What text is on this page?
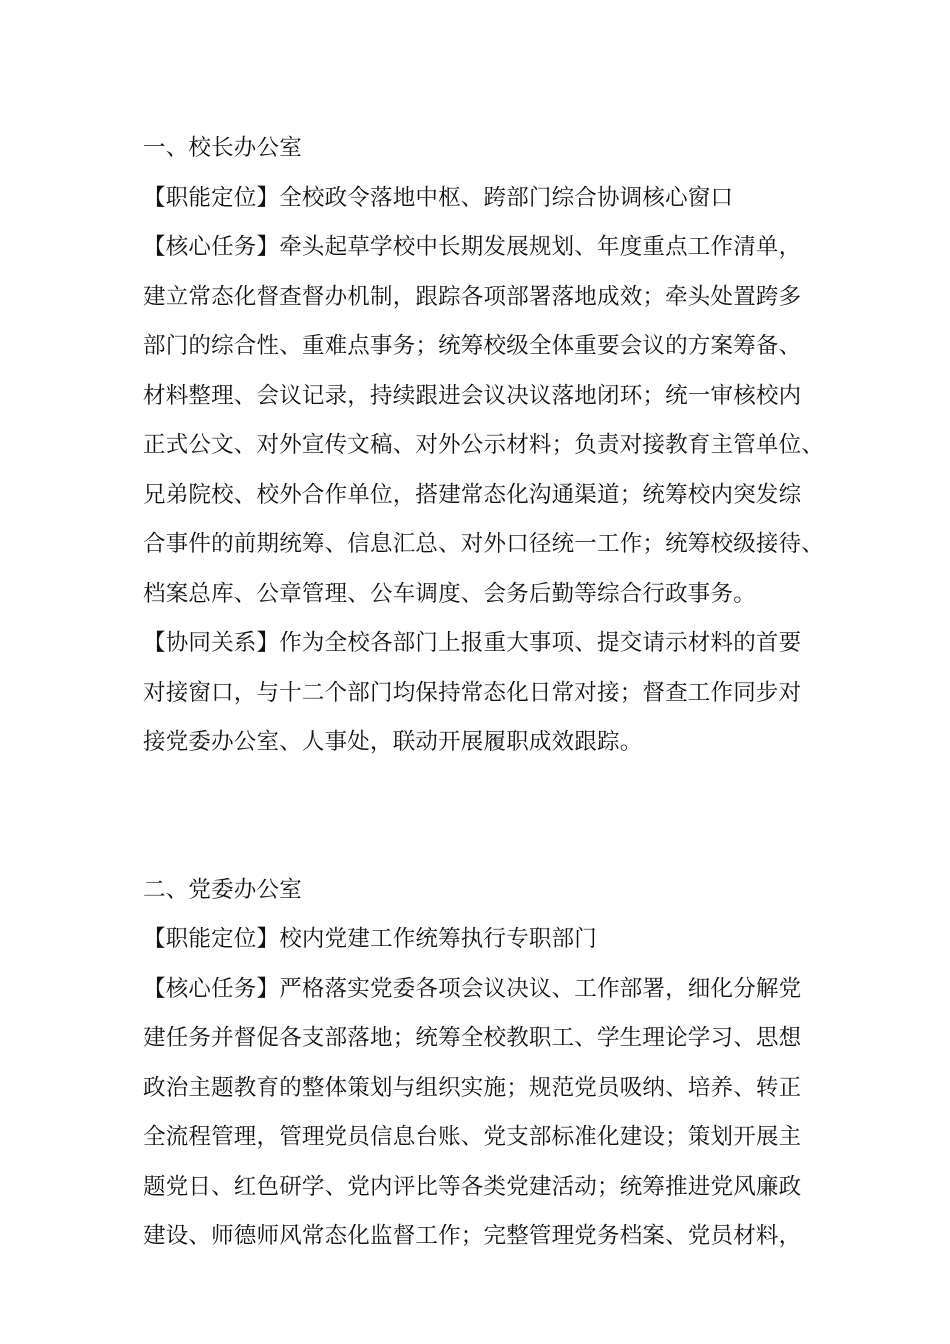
一、校长办公室
【职能定位】全校政令落地中枢、跨部门综合协调核心窗口
【核心任务】牵头起草学校中长期发展规划、年度重点工作清单，
建立常态化督查督办机制，跟踪各项部署落地成效；牵头处置跨多
部门的综合性、重难点事务；统筹校级全体重要会议的方案筹备、
材料整理、会议记录，持续跟进会议决议落地闭环；统一审核校内
正式公文、对外宣传文稿、对外公示材料；负责对接教育主管单位、
兄弟院校、校外合作单位，搭建常态化沟通渠道；统筹校内突发综
合事件的前期统筹、信息汇总、对外口径统一工作；统筹校级接待、
档案总库、公章管理、公车调度、会务后勤等综合行政事务。
【协同关系】作为全校各部门上报重大事项、提交请示材料的首要
对接窗口，与十二个部门均保持常态化日常对接；督查工作同步对
接党委办公室、人事处，联动开展履职成效跟踪。
二、党委办公室
【职能定位】校内党建工作统筹执行专职部门
【核心任务】严格落实党委各项会议决议、工作部署，细化分解党
建任务并督促各支部落地；统筹全校教职工、学生理论学习、思想
政治主题教育的整体策划与组织实施；规范党员吸纳、培养、转正
全流程管理，管理党员信息台账、党支部标准化建设；策划开展主
题党日、红色研学、党内评比等各类党建活动；统筹推进党风廉政
建设、师德师风常态化监督工作；完整管理党务档案、党员材料，
